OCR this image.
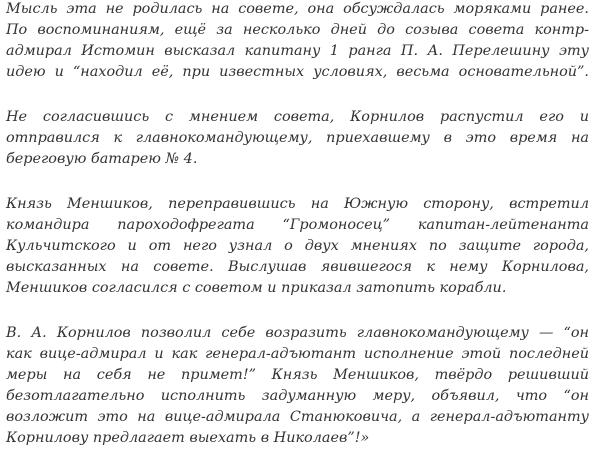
Мысль эта не родилась на совете, она обсуждалась моряками ранее.
По воспоминаниям, ещё за несколько дней до созыва совета контр-
адмирал Истомин высказал капитану 1 ранга П. А. Перелешину эту
идею и “находил её, при известных условиях, весьма основательной”.
Не согласившись с мнением совета, Корнилов распустил его и
отправился к главнокомандующему, приехавшему в это время на
береговую батарею № 4.
Князь Меншиков, переправившись на Южную сторону, встретил
командира пароходофрегата “Громоносец” капитан-лейтенанта
Кульчитского и от него узнал о двух мнениях по защите города,
высказанных на совете. Выслушав явившегося к нему Корнилова,
Меншиков согласился с советом и приказал затопить корабли.
В. А. Корнилов позволил себе возразить главнокомандующему — “он
как вице-адмирал и как генерал-адъютант исполнение этой последней
меры на себя не примет!” Князь Меншиков, твёрдо решивший
безотлагательно исполнить задуманную меру, объявил, что “он
возложит это на вице-адмирала Станюковича, а генерал-адъютанту
Корнилову предлагает выехать в Николаев”!»
